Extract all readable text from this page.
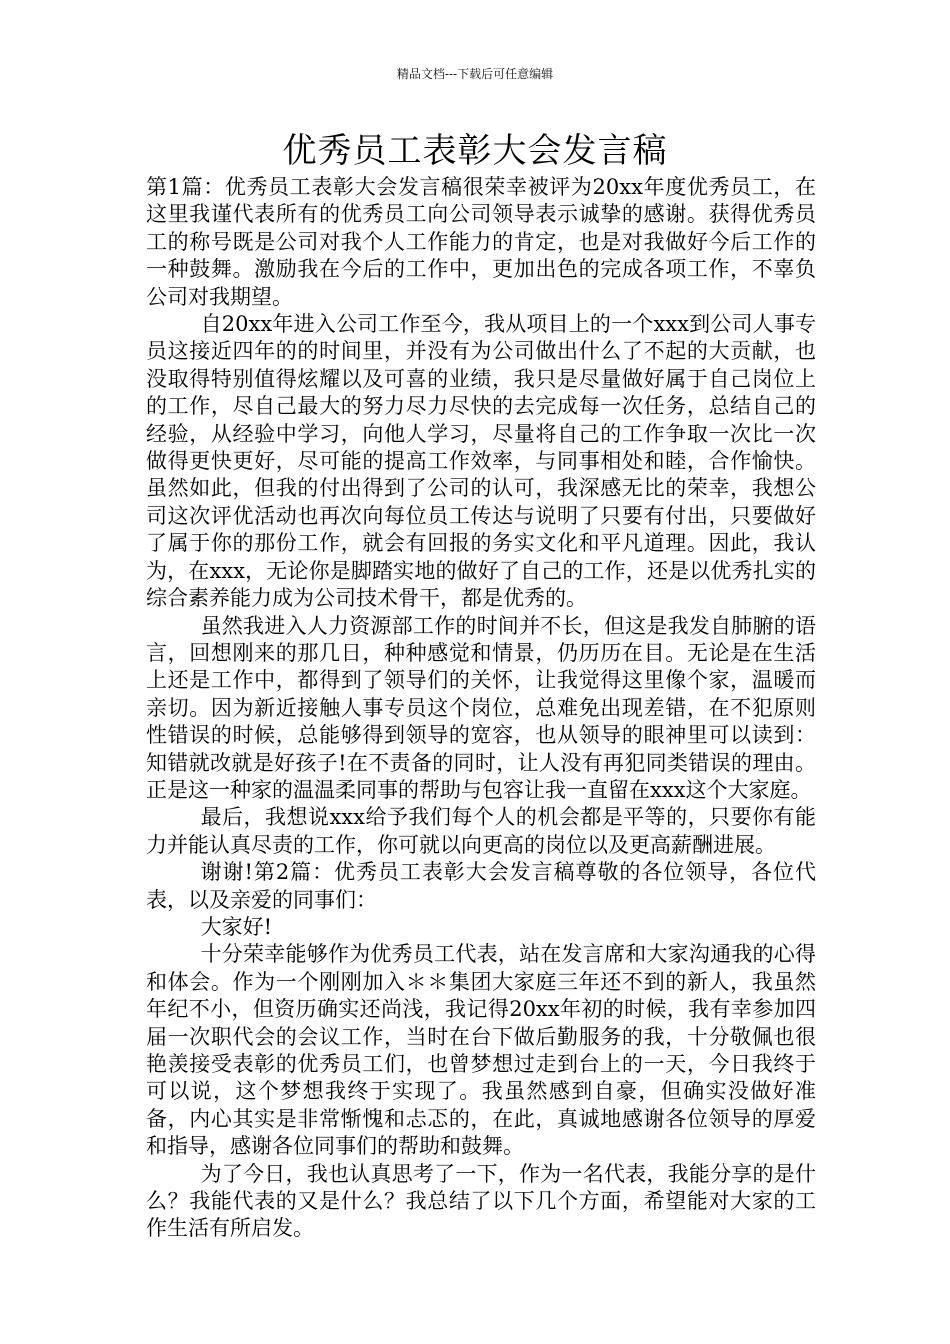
精品文档---下载后可任意编辑
优秀员工表彰大会发言稿

第1篇：优秀员工表彰大会发言稿很荣幸被评为20xx年度优秀员工，在这里我谨代表所有的优秀员工向公司领导表示诚挚的感谢。获得优秀员工的称号既是公司对我个人工作能力的肯定，也是对我做好今后工作的一种鼓舞。激励我在今后的工作中，更加出色的完成各项工作，不辜负公司对我期望。

自20xx年进入公司工作至今，我从项目上的一个xxx到公司人事专员这接近四年的的时间里，并没有为公司做出什么了不起的大贡献，也没取得特别值得炫耀以及可喜的业绩，我只是尽量做好属于自己岗位上的工作，尽自己最大的努力尽力尽快的去完成每一次任务，总结自己的经验，从经验中学习，向他人学习，尽量将自己的工作争取一次比一次做得更快更好，尽可能的提高工作效率，与同事相处和睦，合作愉快。虽然如此，但我的付出得到了公司的认可，我深感无比的荣幸，我想公司这次评优活动也再次向每位员工传达与说明了只要有付出，只要做好了属于你的那份工作，就会有回报的务实文化和平凡道理。因此，我认为，在xxx，无论你是脚踏实地的做好了自己的工作，还是以优秀扎实的综合素养能力成为公司技术骨干，都是优秀的。

虽然我进入人力资源部工作的时间并不长，但这是我发自肺腑的语言，回想刚来的那几日，种种感觉和情景，仍历历在目。无论是在生活上还是工作中，都得到了领导们的关怀，让我觉得这里像个家，温暖而亲切。因为新近接触人事专员这个岗位，总难免出现差错，在不犯原则性错误的时候，总能够得到领导的宽容，也从领导的眼神里可以读到：知错就改就是好孩子!在不责备的同时，让人没有再犯同类错误的理由。正是这一种家的温温柔同事的帮助与包容让我一直留在xxx这个大家庭。

最后，我想说xxx给予我们每个人的机会都是平等的，只要你有能力并能认真尽责的工作，你可就以向更高的岗位以及更高薪酬进展。

谢谢!第2篇：优秀员工表彰大会发言稿尊敬的各位领导，各位代表，以及亲爱的同事们：

大家好!

十分荣幸能够作为优秀员工代表，站在发言席和大家沟通我的心得和体会。作为一个刚刚加入＊＊集团大家庭三年还不到的新人，我虽然年纪不小，但资历确实还尚浅，我记得20xx年初的时候，我有幸参加四届一次职代会的会议工作，当时在台下做后勤服务的我，十分敬佩也很艳羡接受表彰的优秀员工们，也曾梦想过走到台上的一天，今日我终于可以说，这个梦想我终于实现了。我虽然感到自豪，但确实没做好准备，内心其实是非常惭愧和忐忑的，在此，真诚地感谢各位领导的厚爱和指导，感谢各位同事们的帮助和鼓舞。

为了今日，我也认真思考了一下，作为一名代表，我能分享的是什么？我能代表的又是什么？我总结了以下几个方面，希望能对大家的工作生活有所启发。
